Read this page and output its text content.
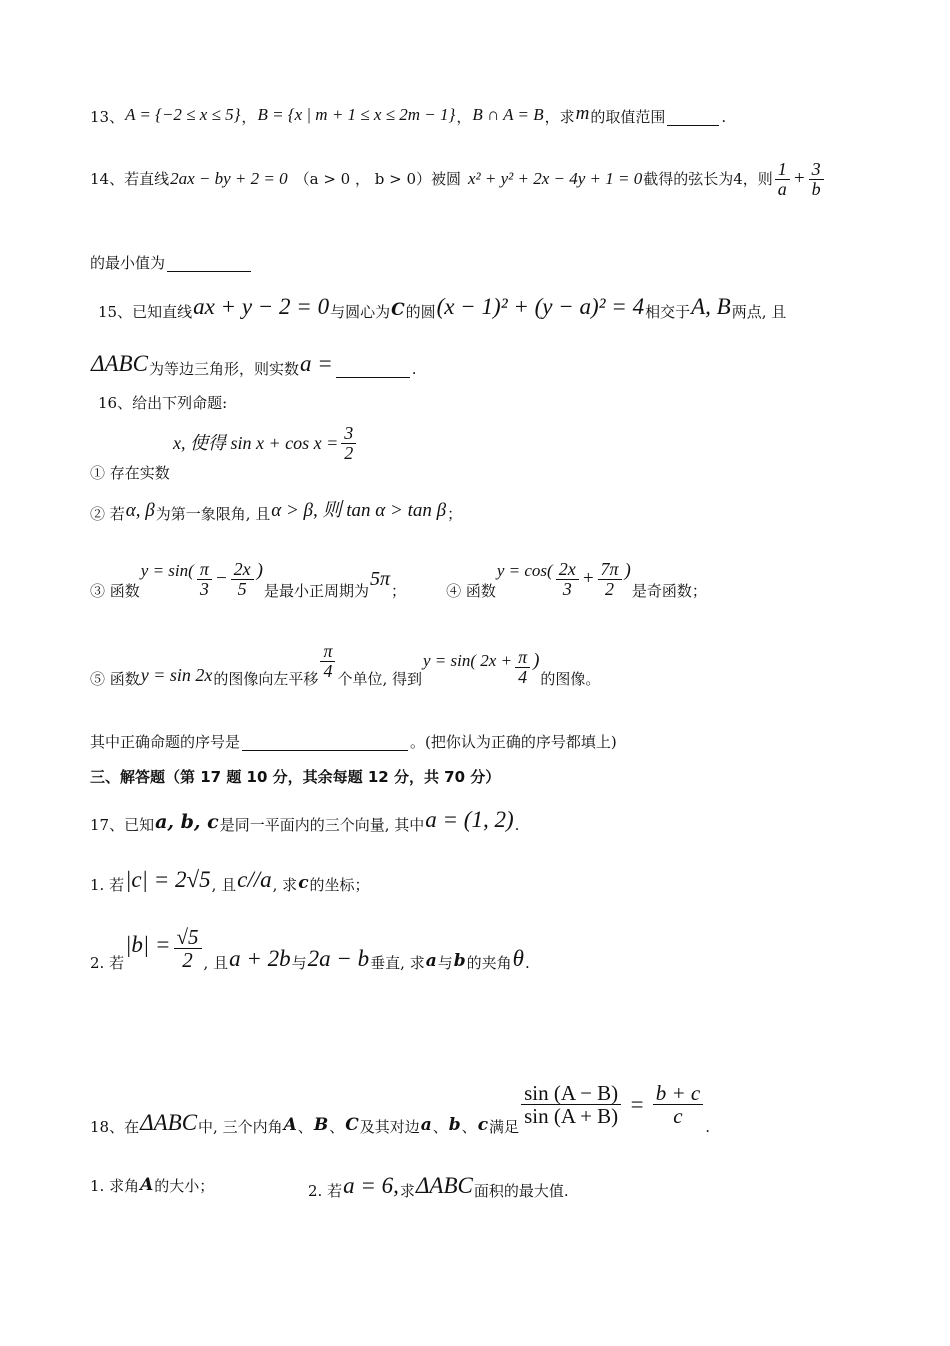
13、 A = {−2 ≤ x ≤ 5} ， B = {x | m + 1 ≤ x ≤ 2m − 1} ， B ∩ A = B ，求 m 的取值范围	.
14、若直线 2ax − by + 2 = 0 （a > 0 ， b > 0）被圆 x² + y² + 2x − 4y + 1 = 0 截得的弦长为4，则 $\frac{1}{a} + \frac{3}{b}$
的最小值为
15、已知直线 ax + y − 2 = 0 与圆心为 C 的圆 (x − 1)² + (y − a)² = 4 相交于 A, B 两点, 且
ΔABC 为等边三角形，则实数 a =	.
16、给出下列命题:
x, 使得 $\sin x + \cos x = \frac{3}{2}$
① 存在实数
② 若 α, β 为第一象限角, 且 α > β, 则 tan α > tan β ；
③ 函数
$y = \sin( \frac{\pi}{3} - \frac{2x}{5}$ )
是最小正周期为
5π
；	④ 函数
$y = \cos( \frac{2x}{3} + \frac{7\pi}{2}$ )
是奇函数；
⑤ 函数 y = sin 2x 的图像向左平移 $\frac{\pi}{4}$ 个单位, 得到
y = sin( $2x + \frac{\pi}{4}$ )
的图像。
其中正确命题的序号是	。(把你认为正确的序号都填上)
三、解答题（第 17 题 10 分，其余每题 12 分，共 70 分）
17、已知 a, b, c 是同一平面内的三个向量, 其中 a = (1, 2) .
1. 若 |c| = 2√5 , 且 c//a , 求 c 的坐标；
2. 若
$|b| = \frac{√5}{2}$ , 且 a + 2b 与 2a − b 垂直, 求 a 与 b 的夹角 θ .
18、在 ΔABC 中, 三个内角 A 、 B 、 C 及其对边 a 、 b 、 c 满足 $\frac{\sin (A - B)}{\sin (A + B)} = \frac{b + c}{c}$ .
1. 求角 A 的大小；	2. 若 a = 6, 求 ΔABC 面积的最大值.
